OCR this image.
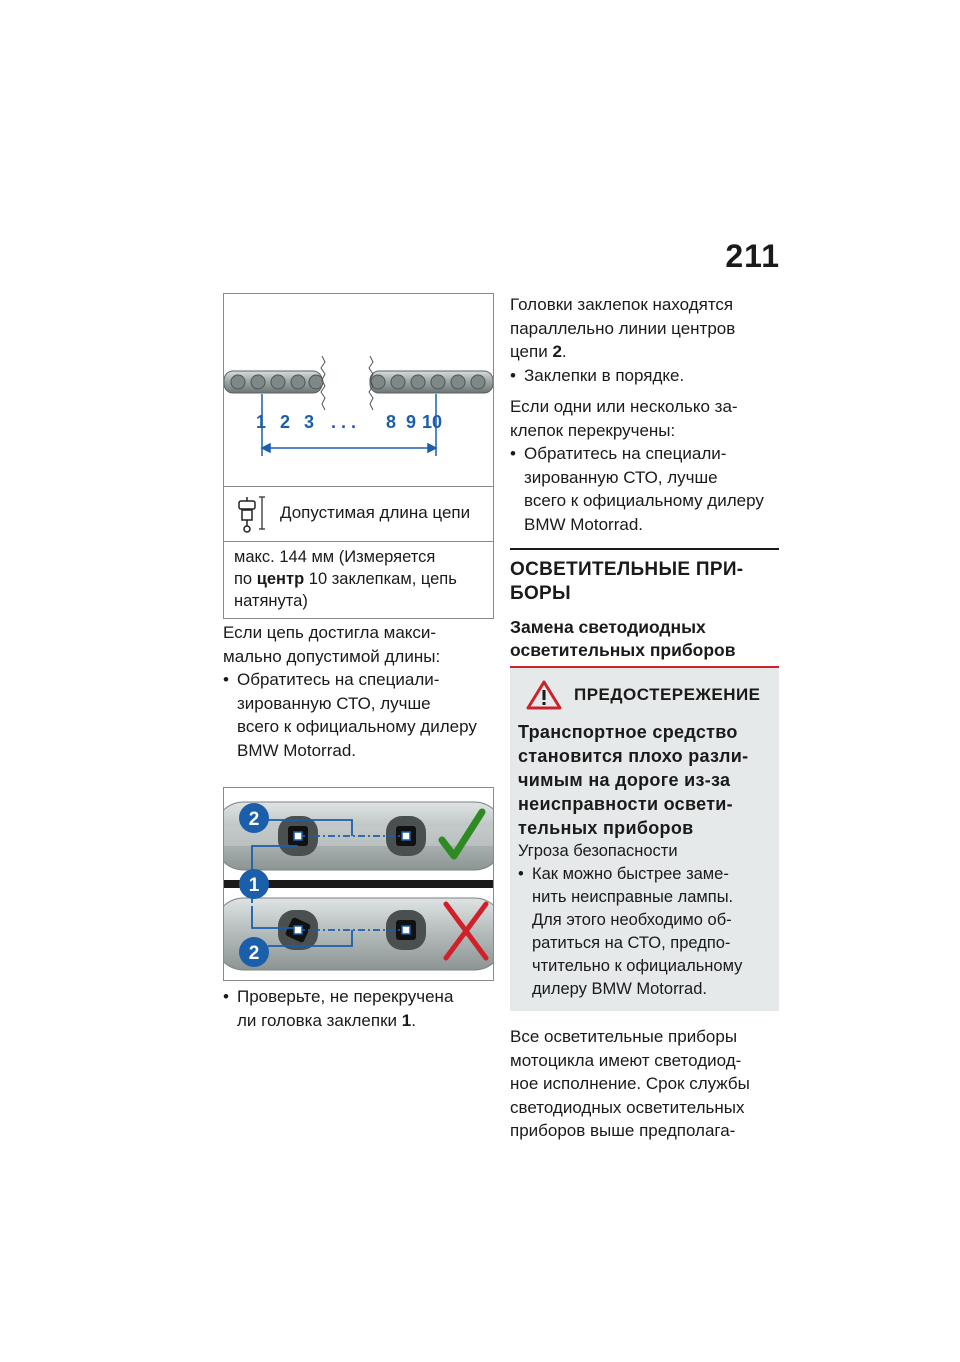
211
1 2 3 . . . 8 9 10
Допустимая длина цепи
макс. 144 мм (Измеряется
по центр 10 заклепкам, цепь
натянута)

Если цепь достигла макси-

мально допустимой длины:

• Обратитесь на специали-
зированную СТО, лучше
всего к официальному дилеру
BMW Motorrad.
2
1
2
• Проверьте, не перекручена
ли головка заклепки 1.

Головки заклепок находятся

параллельно линии центров

цепи 2.

• Заклепки в порядке.

Если одни или несколько за-

клепок перекручены:

• Обратитесь на специали-
зированную СТО, лучше
всего к официальному дилеру
BMW Motorrad.
ОСВЕТИТЕЛЬНЫЕ ПРИ-
БОРЫ
Замена светодиодных
осветительных приборов
ПРЕДОСТЕРЕЖЕНИЕ
Транспортное средство
становится плохо разли-
чимым на дороге из-за
неисправности освети-
тельных приборов

Угроза безопасности

• Как можно быстрее заме-
нить неисправные лампы.
Для этого необходимо об-
ратиться на СТО, предпо-
чтительно к официальному
дилеру BMW Motorrad.

Все осветительные приборы

мотоцикла имеют светодиод-

ное исполнение. Срок службы

светодиодных осветительных

приборов выше предполага-
